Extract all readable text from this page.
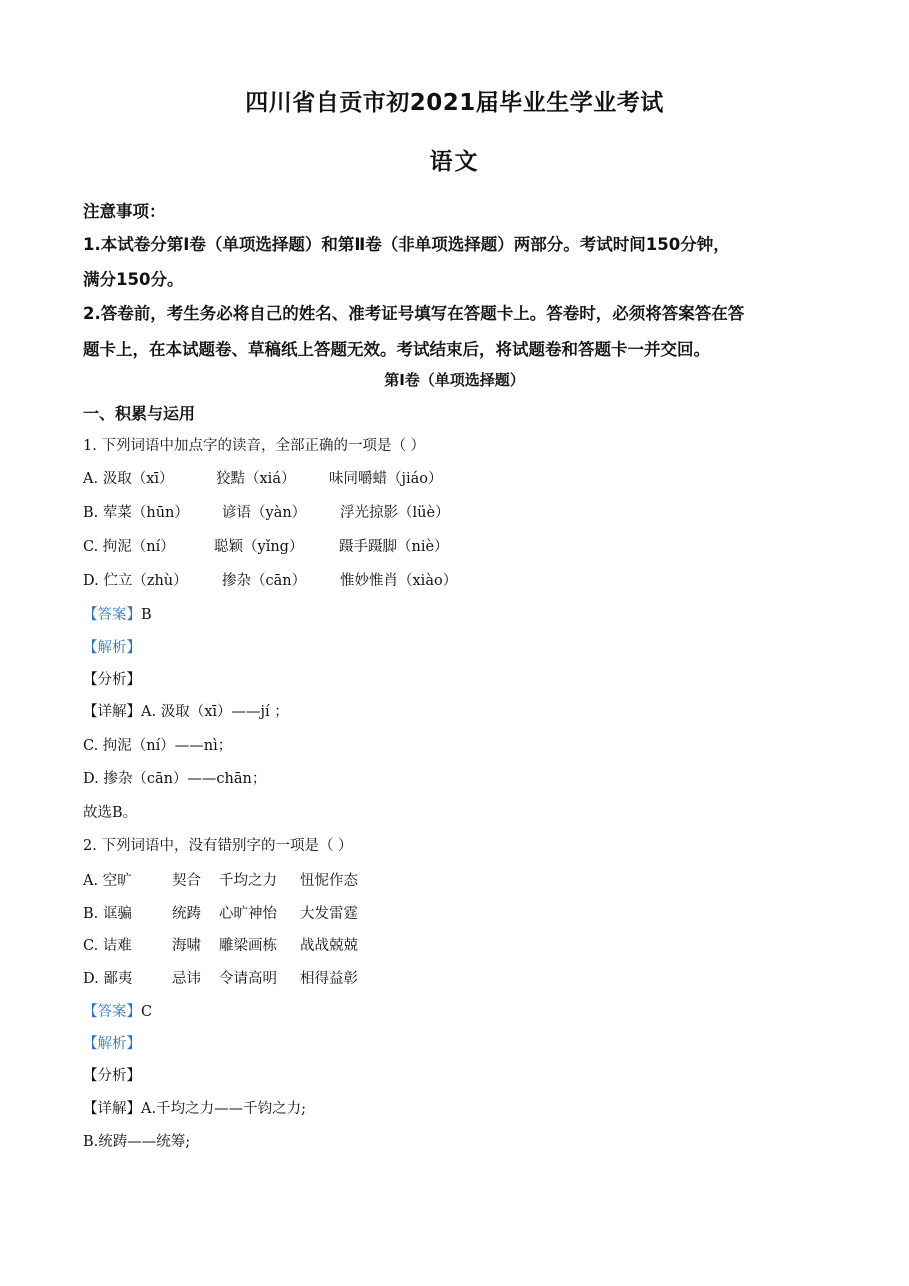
四川省自贡市初2021届毕业生学业考试
语文
注意事项：
1.本试卷分第Ⅰ卷（单项选择题）和第Ⅱ卷（非单项选择题）两部分。考试时间150分钟，
满分150分。
2.答卷前，考生务必将自己的姓名、准考证号填写在答题卡上。答卷时，必须将答案答在答
题卡上，在本试题卷、草稿纸上答题无效。考试结束后，将试题卷和答题卡一并交回。
第Ⅰ卷（单项选择题）
一、积累与运用
1. 下列词语中加点字的读音，全部正确的一项是（ ）
A. 汲取（xī）	狡黠（xiá） 味同嚼蜡（jiáo）
B. 荤菜（hūn） 谚语（yàn） 浮光掠影（lüè）
C. 拘泥（ní）	聪颖（yǐng） 蹑手蹑脚（niè）
D. 伫立（zhù） 掺杂（cān） 惟妙惟肖（xiào）
【答案】B
【解析】
【分析】
【详解】A. 汲取（xī）——jí ；
C. 拘泥（ní）——nì；
D. 掺杂（cān）——chān；
故选B。
2. 下列词语中，没有错别字的一项是（ ）
A. 空旷	契合 千均之力 忸怩作态
B. 诓骗	统踌 心旷神怡 大发雷霆
C. 诘难	海啸 雕梁画栋 战战兢兢
D. 鄙夷	忌讳 令请高明 相得益彰
【答案】C
【解析】
【分析】
【详解】A.千均之力——千钧之力;
B.统踌——统筹;
